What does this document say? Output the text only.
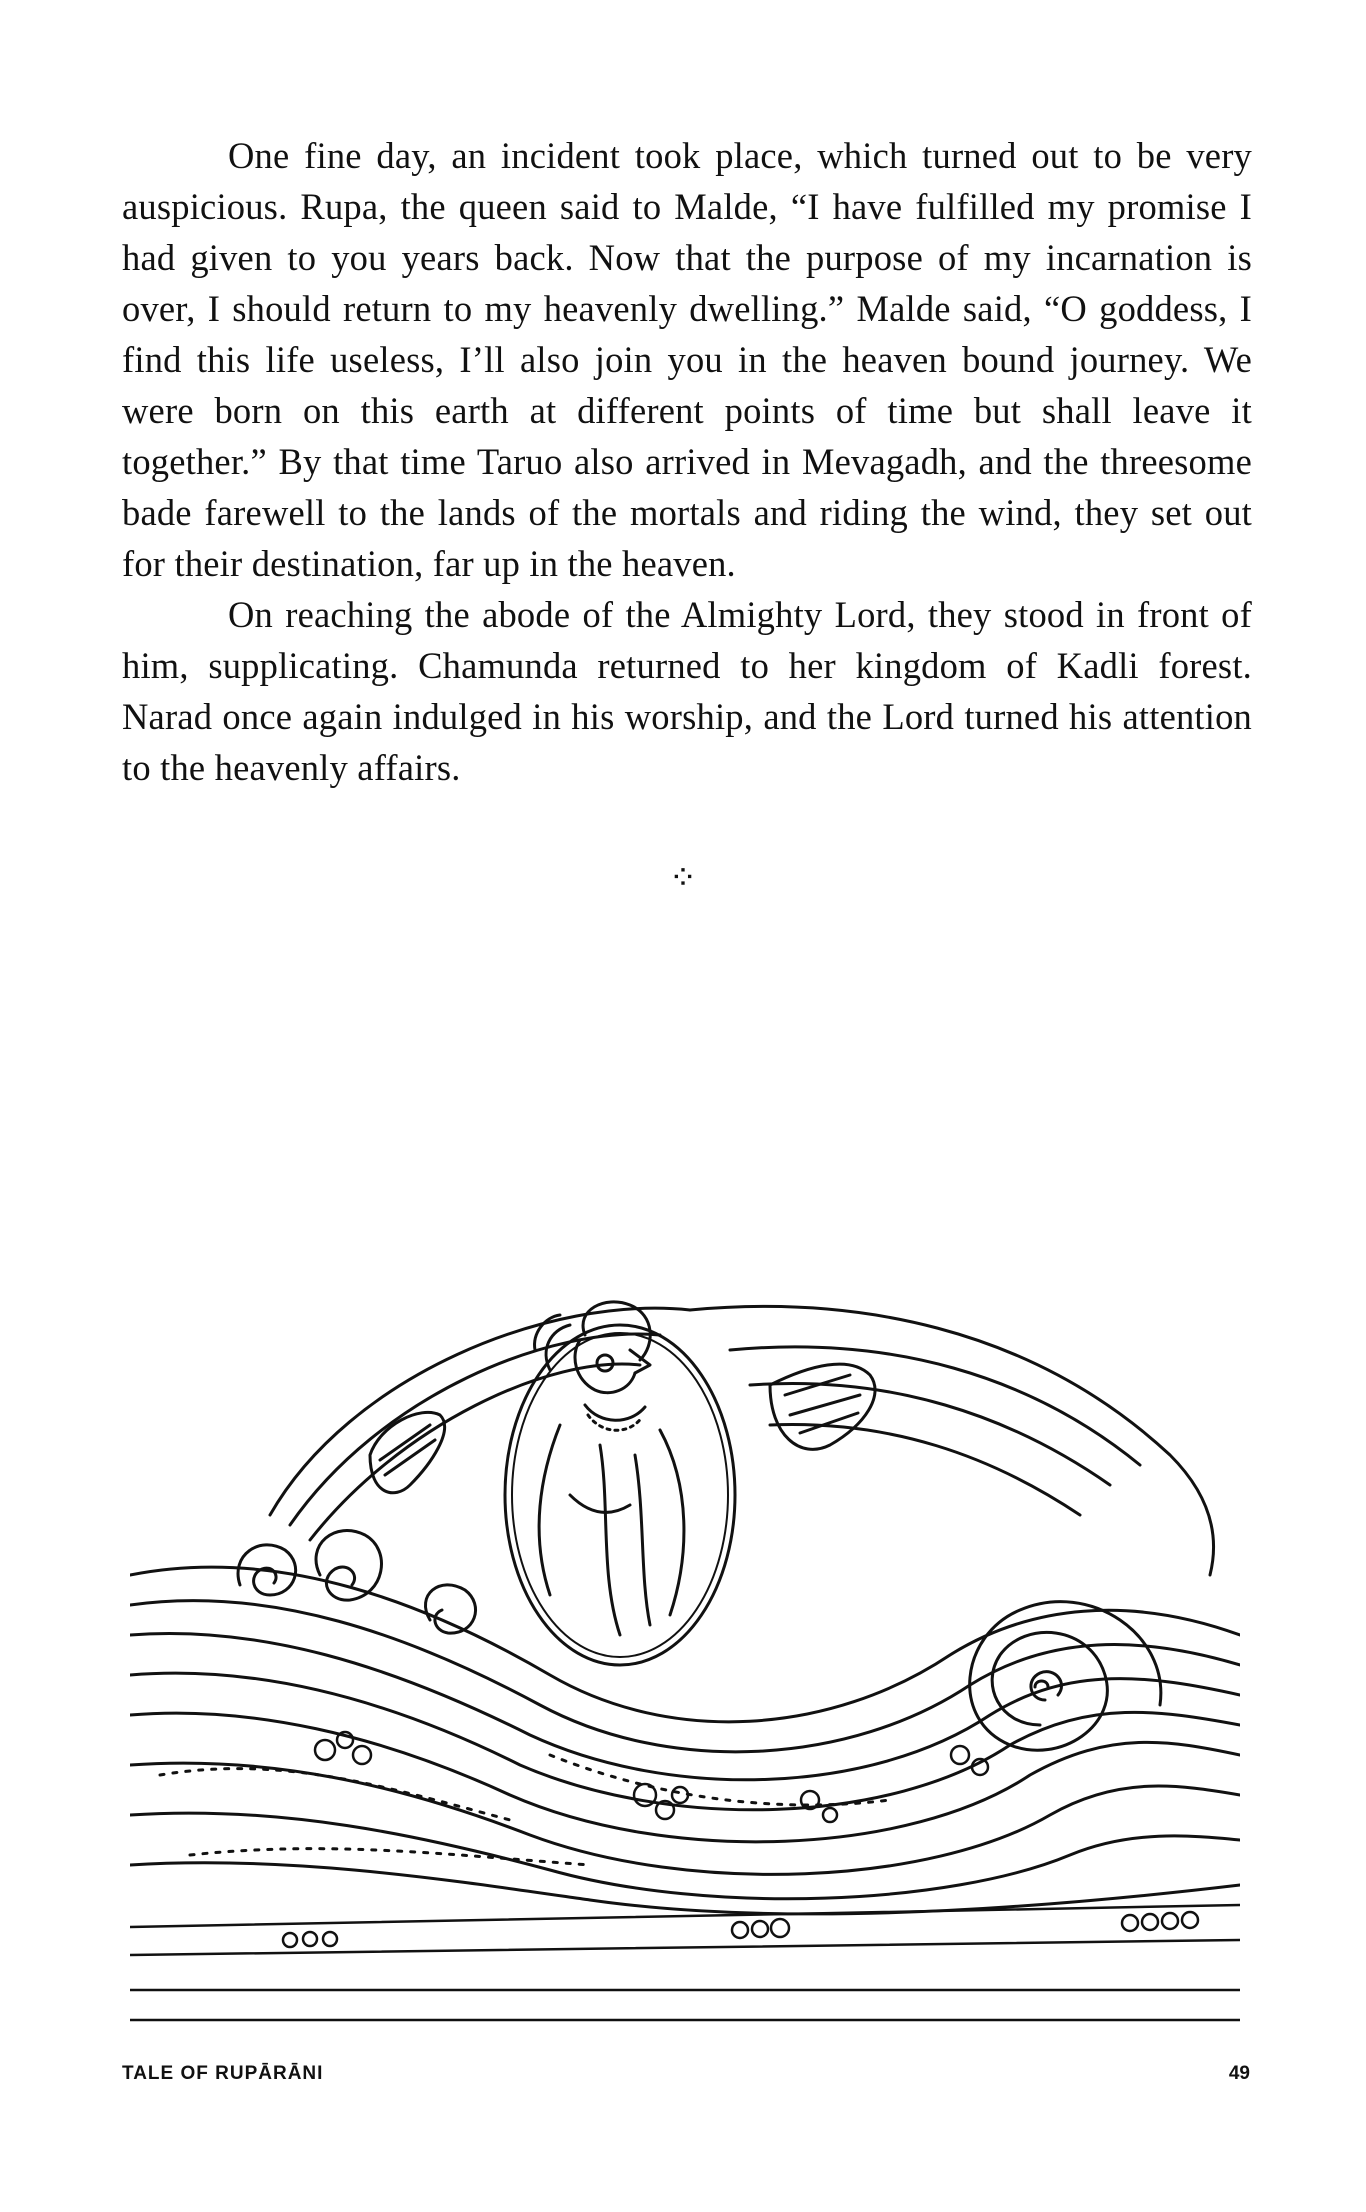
One fine day, an incident took place, which turned out to be very auspicious. Rupa, the queen said to Malde, “I have fulfilled my promise I had given to you years back. Now that the purpose of my incarnation is over, I should return to my heavenly dwelling.” Malde said, “O goddess, I find this life useless, I’ll also join you in the heaven bound journey. We were born on this earth at different points of time but shall leave it together.” By that time Taruo also arrived in Mevagadh, and the threesome bade farewell to the lands of the mortals and riding the wind, they set out for their destination, far up in the heaven.

On reaching the abode of the Almighty Lord, they stood in front of him, supplicating. Chamunda returned to her kingdom of Kadli forest. Narad once again indulged in his worship, and the Lord turned his attention to the heavenly affairs.

⁘
TALE OF RUPĀRĀNI	49
